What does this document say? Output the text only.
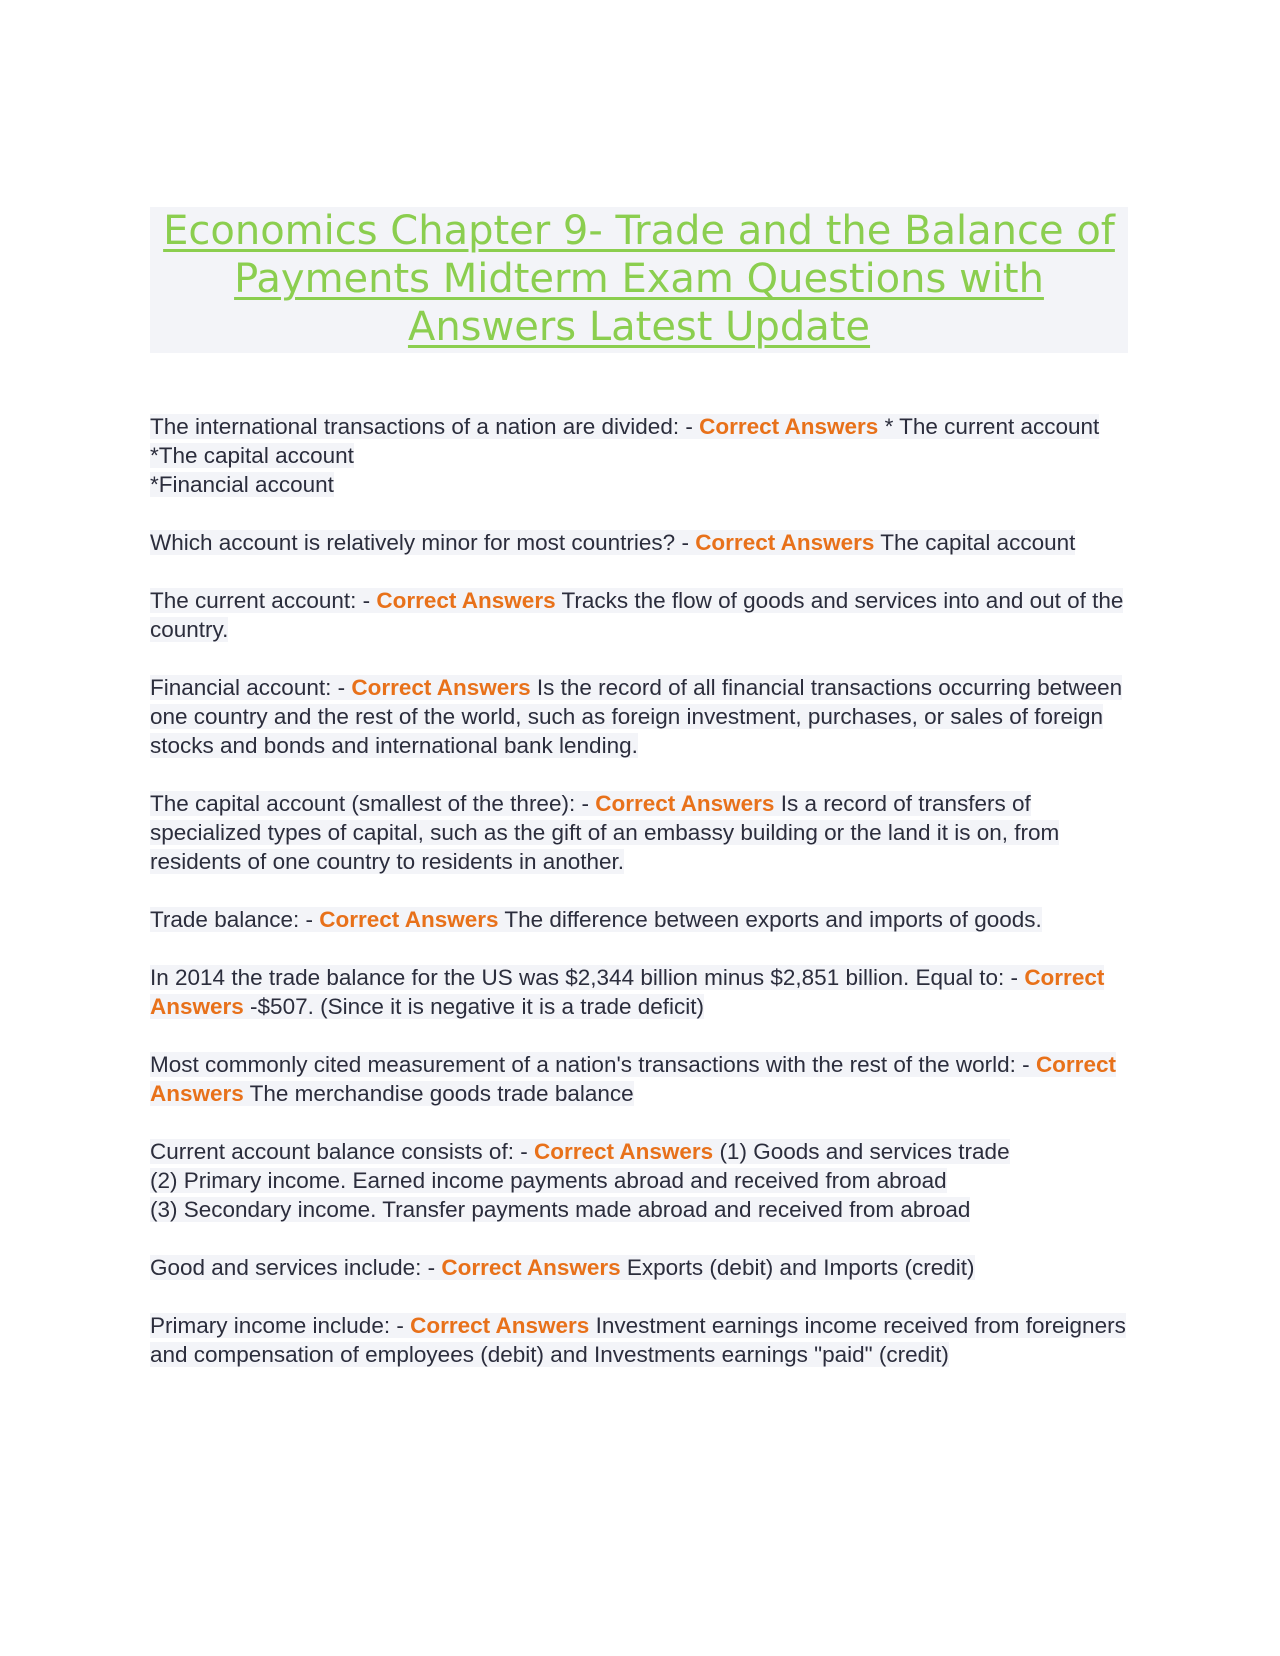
Economics Chapter 9- Trade and the Balance of Payments Midterm Exam Questions with Answers Latest Update
The international transactions of a nation are divided: - Correct Answers * The current account
*The capital account
*Financial account
Which account is relatively minor for most countries? - Correct Answers The capital account
The current account: - Correct Answers Tracks the flow of goods and services into and out of the country.
Financial account: - Correct Answers Is the record of all financial transactions occurring between one country and the rest of the world, such as foreign investment, purchases, or sales of foreign stocks and bonds and international bank lending.
The capital account (smallest of the three): - Correct Answers Is a record of transfers of specialized types of capital, such as the gift of an embassy building or the land it is on, from residents of one country to residents in another.
Trade balance: - Correct Answers The difference between exports and imports of goods.
In 2014 the trade balance for the US was $2,344 billion minus $2,851 billion. Equal to: - Correct Answers -$507. (Since it is negative it is a trade deficit)
Most commonly cited measurement of a nation's transactions with the rest of the world: - Correct Answers The merchandise goods trade balance
Current account balance consists of: - Correct Answers (1) Goods and services trade
(2) Primary income. Earned income payments abroad and received from abroad
(3) Secondary income. Transfer payments made abroad and received from abroad
Good and services include: - Correct Answers Exports (debit) and Imports (credit)
Primary income include: - Correct Answers Investment earnings income received from foreigners and compensation of employees (debit) and Investments earnings "paid" (credit)
